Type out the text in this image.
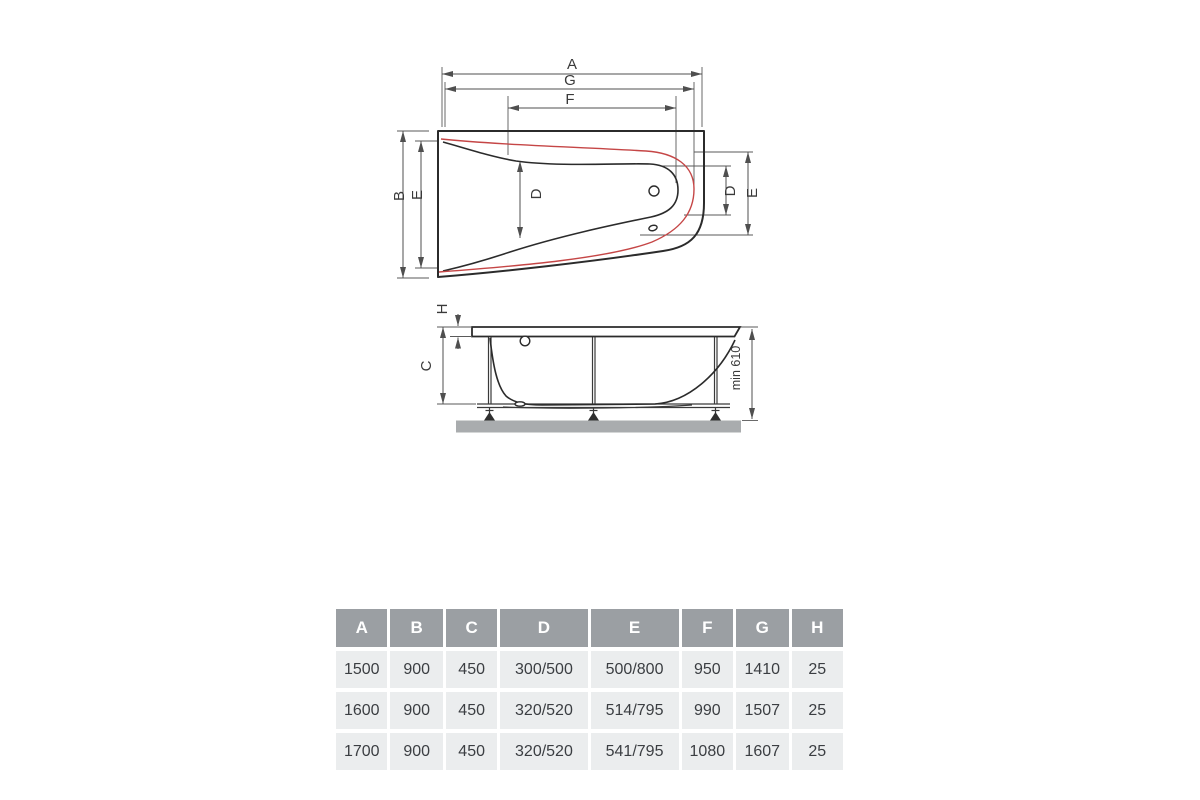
A
G
F
B E	D	D E
C
H
min 610
A	B	C	D	E	F	G	H
1500	900	450	300/500	500/800	950	1410	25
1600	900	450	320/520	514/795	990	1507	25
1700	900	450	320/520	541/795	1080	1607	25
